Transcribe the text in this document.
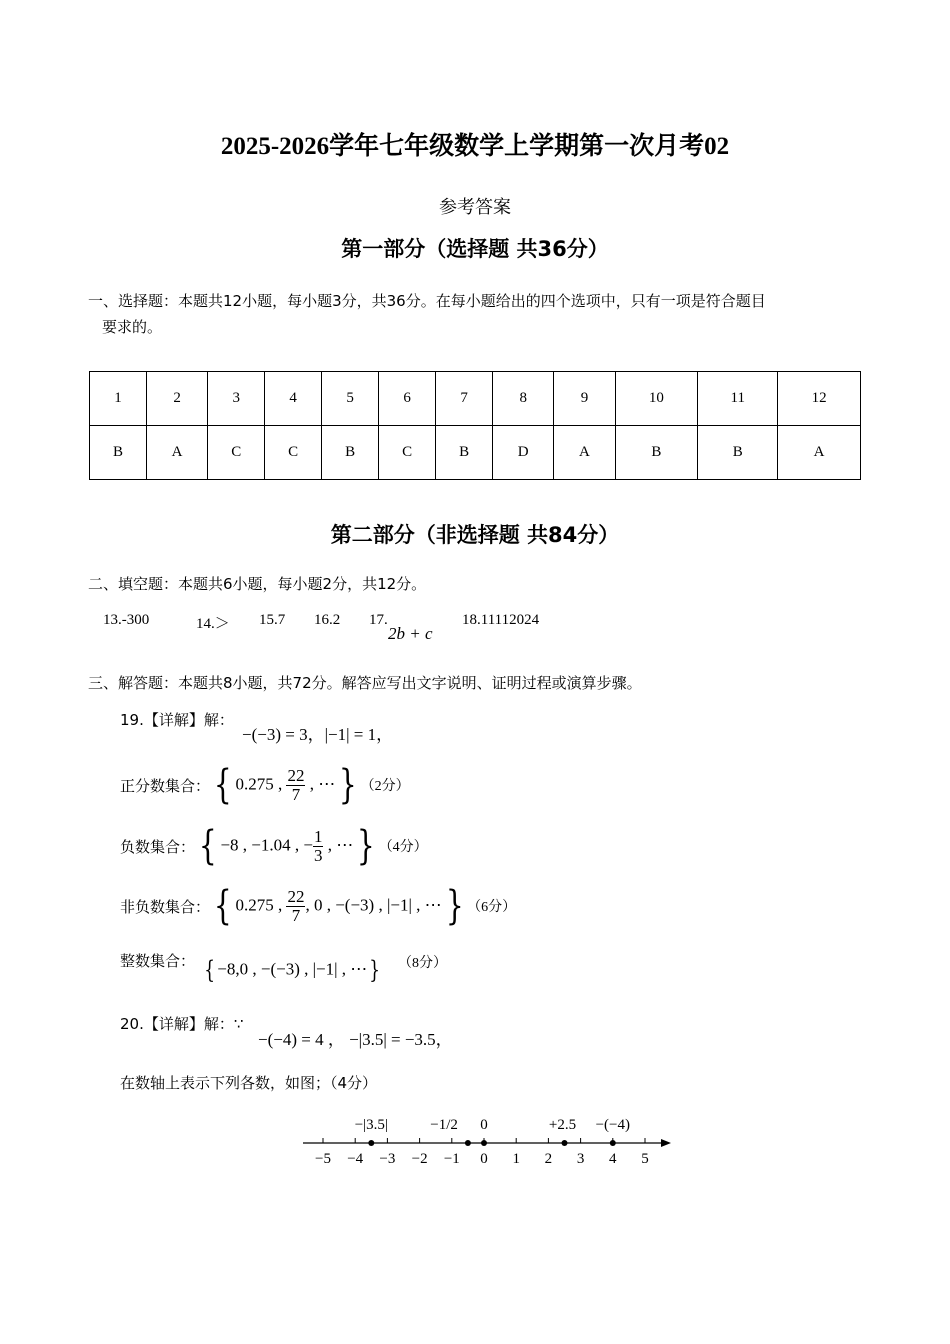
2025-2026学年七年级数学上学期第一次月考02
参考答案
第一部分（选择题 共36分）
一、选择题：本题共12小题，每小题3分，共36分。在每小题给出的四个选项中，只有一项是符合题目
要求的。
1	2	3	4	5	6	7	8	9	10	11	12
B	A	C	C	B	C	B	D	A	B	B	A
第二部分（非选择题 共84分）
二、填空题：本题共6小题，每小题2分，共12分。
13.-300	14.＞ 15.7 16.2 17.
2b + c
18.11112024
三、解答题：本题共8小题，共72分。解答应写出文字说明、证明过程或演算步骤。
19.【详解】解：
−(−3) = 3，|−1| = 1，
正分数集合： { 0.275 , $\frac{22}{7}$ , ⋯ } （2分）
负数集合： { −8 , −1.04 , − $\frac{1}{3}$ , ⋯ } （4分）
非负数集合： { 0.275 , $\frac{22}{7}$ , 0 , −(−3) , |−1| , ⋯ } （6分）
整数集合： { −8,0 , −(−3) , |−1| , ⋯} （8分）
20.【详解】解：∵
−(−4) = 4 ， −|3.5| = −3.5，
在数轴上表示下列各数，如图；（4分）
−5 −4 −3 −2 −1 0 1 2 3 4 5
−|3.5|	−1/2 0	+2.5 −(−4)
